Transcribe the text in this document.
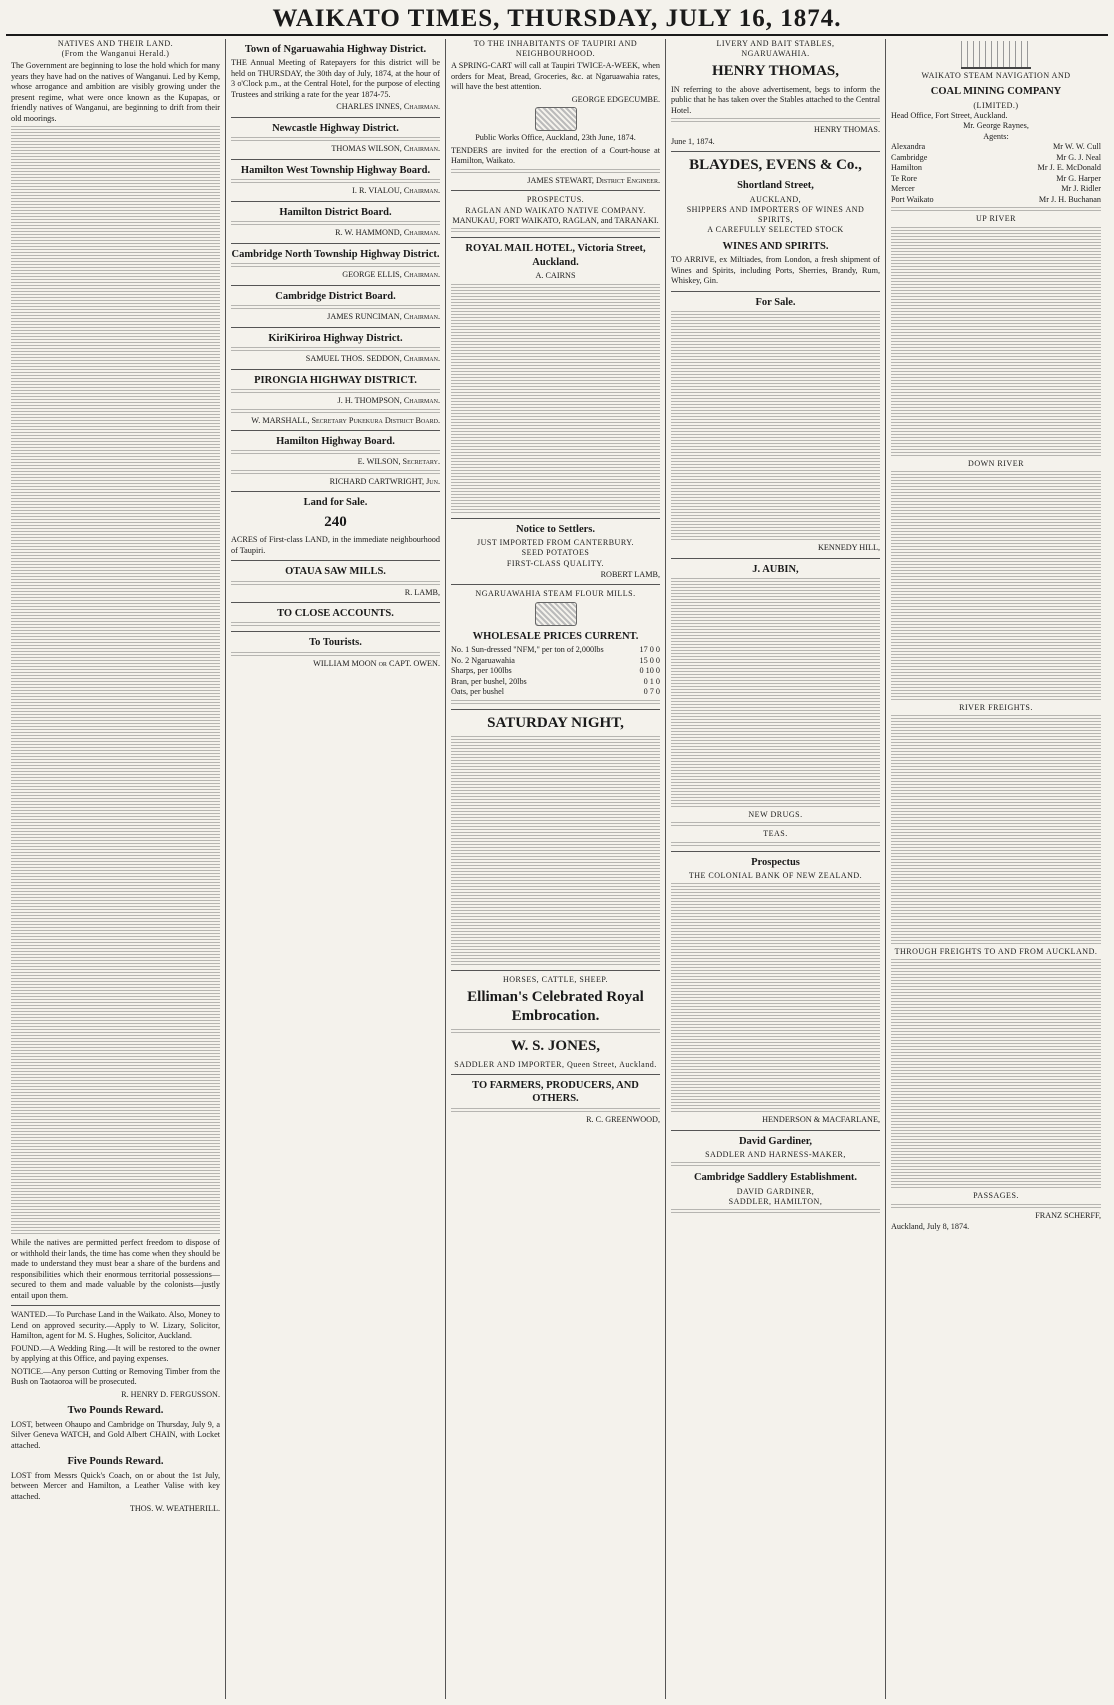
WAIKATO TIMES, THURSDAY, JULY 16, 1874.
NATIVES AND THEIR LAND.
(From the Wanganui Herald.)
The Government are beginning to lose the hold which for many years they have had on the natives of Wanganui. Led by Kemp, whose arrogance and ambition are visibly growing under the present regime, what were once known as the Kupapas, or friendly natives of Wanganui, are beginning to drift from their old moorings.
While the natives are permitted perfect freedom to dispose of or withhold their lands, the time has come when they should be made to understand they must bear a share of the burdens and responsibilities which their enormous territorial possessions—secured to them and made valuable by the colonists—justly entail upon them.
WANTED.—To Purchase Land in the Waikato. Also, Money to Lend on approved security.—Apply to W. Lizary, Solicitor, Hamilton, agent for M. S. Hughes, Solicitor, Auckland.
FOUND.—A Wedding Ring.—It will be restored to the owner by applying at this Office, and paying expenses.
NOTICE.—Any person Cutting or Removing Timber from the Bush on Taotaoroa will be prosecuted.
R. HENRY D. FERGUSSON.
Two Pounds Reward.
LOST, between Ohaupo and Cambridge on Thursday, July 9, a Silver Geneva WATCH, and Gold Albert CHAIN, with Locket attached.
Five Pounds Reward.
LOST from Messrs Quick's Coach, on or about the 1st July, between Mercer and Hamilton, a Leather Valise with key attached.
THOS. W. WEATHERILL.
Town of Ngaruawahia Highway District.
THE Annual Meeting of Ratepayers for this district will be held on THURSDAY, the 30th day of July, 1874, at the hour of 3 o'Clock p.m., at the Central Hotel, for the purpose of electing Trustees and striking a rate for the year 1874-75.
CHARLES INNES, Chairman.
Newcastle Highway District.
THOMAS WILSON, Chairman.
Hamilton West Township Highway Board.
I. R. VIALOU, Chairman.
Hamilton District Board.
R. W. HAMMOND, Chairman.
Cambridge North Township Highway District.
GEORGE ELLIS, Chairman.
Cambridge District Board.
JAMES RUNCIMAN, Chairman.
KiriKiriroa Highway District.
SAMUEL THOS. SEDDON, Chairman.
PIRONGIA HIGHWAY DISTRICT.
J. H. THOMPSON, Chairman.
W. MARSHALL, Secretary Pukekura District Board.
Hamilton Highway Board.
E. WILSON, Secretary.
RICHARD CARTWRIGHT, Jun.
Land for Sale.
240
ACRES of First-class LAND, in the immediate neighbourhood of Taupiri.
OTAUA SAW MILLS.
R. LAMB,
TO CLOSE ACCOUNTS.
To Tourists.
WILLIAM MOON or CAPT. OWEN.
TO THE INHABITANTS OF TAUPIRI AND NEIGHBOURHOOD.
A SPRING-CART will call at Taupiri TWICE-A-WEEK, when orders for Meat, Bread, Groceries, &c. at Ngaruawahia rates, will have the best attention.
GEORGE EDGECUMBE.
Public Works Office, Auckland, 23th June, 1874.
TENDERS are invited for the erection of a Court-house at Hamilton, Waikato.
JAMES STEWART, District Engineer.
PROSPECTUS.
RAGLAN AND WAIKATO NATIVE COMPANY.
MANUKAU, FORT WAIKATO, RAGLAN, and TARANAKI.
ROYAL MAIL HOTEL, Victoria Street, Auckland.
A. CAIRNS
Notice to Settlers.
JUST IMPORTED FROM CANTERBURY.
SEED POTATOES
FIRST-CLASS QUALITY.
ROBERT LAMB,
NGARUAWAHIA STEAM FLOUR MILLS.
WHOLESALE PRICES CURRENT.
No. 1 Sun-dressed "NFM," per ton of 2,000lbs	17 0 0
No. 2 Ngaruawahia	15 0 0
Sharps, per 100lbs	0 10 0
Bran, per bushel, 20lbs	0 1 0
Oats, per bushel	0 7 0
SATURDAY NIGHT,
HORSES, CATTLE, SHEEP.
Elliman's Celebrated Royal Embrocation.
W. S. JONES,
SADDLER AND IMPORTER, Queen Street, Auckland.
TO FARMERS, PRODUCERS, AND OTHERS.
R. C. GREENWOOD,
LIVERY AND BAIT STABLES,
NGARUAWAHIA.
HENRY THOMAS,
IN referring to the above advertisement, begs to inform the public that he has taken over the Stables attached to the Central Hotel.
HENRY THOMAS.
June 1, 1874.
BLAYDES, EVENS & Co.,
Shortland Street,
AUCKLAND,
SHIPPERS AND IMPORTERS OF WINES AND SPIRITS,
A CAREFULLY SELECTED STOCK
WINES AND SPIRITS.
TO ARRIVE, ex Miltiades, from London, a fresh shipment of Wines and Spirits, including Ports, Sherries, Brandy, Rum, Whiskey, Gin.
For Sale.
KENNEDY HILL,
J. AUBIN,
NEW DRUGS.
TEAS.
Prospectus
THE COLONIAL BANK OF NEW ZEALAND.
HENDERSON & MACFARLANE,
David Gardiner,
SADDLER AND HARNESS-MAKER,
Cambridge Saddlery Establishment.
DAVID GARDINER,
SADDLER, HAMILTON,
WAIKATO STEAM NAVIGATION AND
COAL MINING COMPANY
(LIMITED.)
Head Office, Fort Street, Auckland.
Mr. George Raynes,
Agents:
Alexandra	Mr W. W. Cull
Cambridge	Mr G. J. Neal
Hamilton	Mr J. E. McDonald
Te Rore	Mr G. Harper
Mercer	Mr J. Ridler
Port Waikato	Mr J. H. Buchanan
UP RIVER
DOWN RIVER
RIVER FREIGHTS.
THROUGH FREIGHTS TO AND FROM AUCKLAND.
PASSAGES.
FRANZ SCHERFF,
Auckland, July 8, 1874.
